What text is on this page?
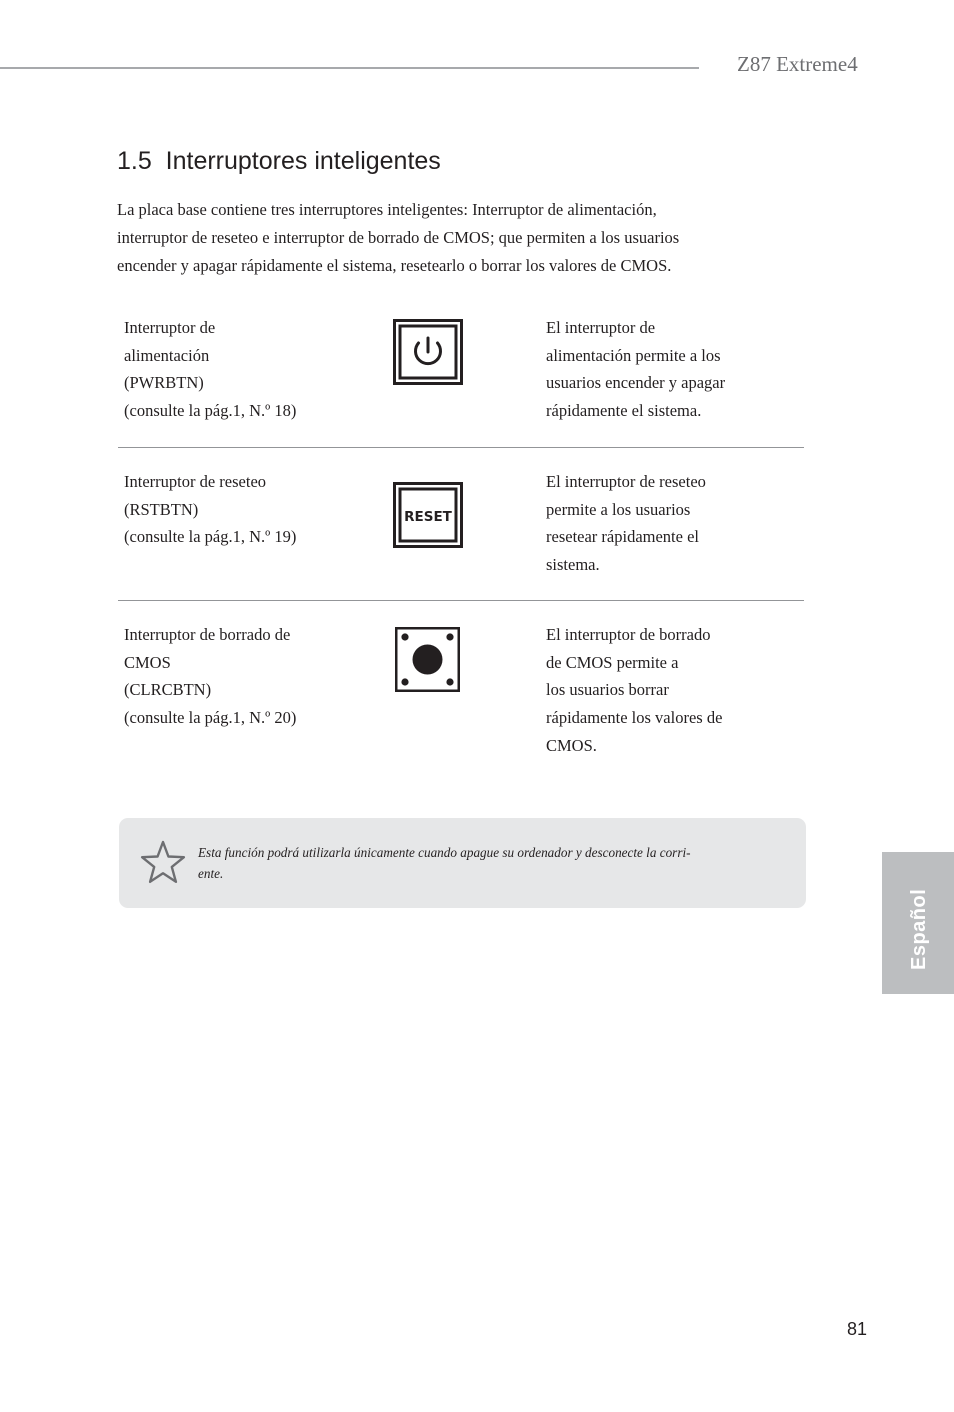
Z87 Extreme4
1.5  Interruptores inteligentes

La placa base contiene tres interruptores inteligentes: Interruptor de alimentación,
interruptor de reseteo e interruptor de borrado de CMOS; que permiten a los usuarios
encender y apagar rápidamente el sistema, resetearlo o borrar los valores de CMOS.

Interruptor de
alimentación
(PWRBTN)
(consulte la pág.1, N.º 18)
El interruptor de
alimentación permite a los
usuarios encender y apagar
rápidamente el sistema.
Interruptor de reseteo
(RSTBTN)
(consulte la pág.1, N.º 19)
RESET
El interruptor de reseteo
permite a los usuarios
resetear rápidamente el
sistema.
Interruptor de borrado de
CMOS
(CLRCBTN)
(consulte la pág.1, N.º 20)
El interruptor de borrado
de CMOS permite a
los usuarios borrar
rápidamente los valores de
CMOS.
Esta función podrá utilizarla únicamente cuando apague su ordenador y desconecte la corri-
ente.
Español
81
